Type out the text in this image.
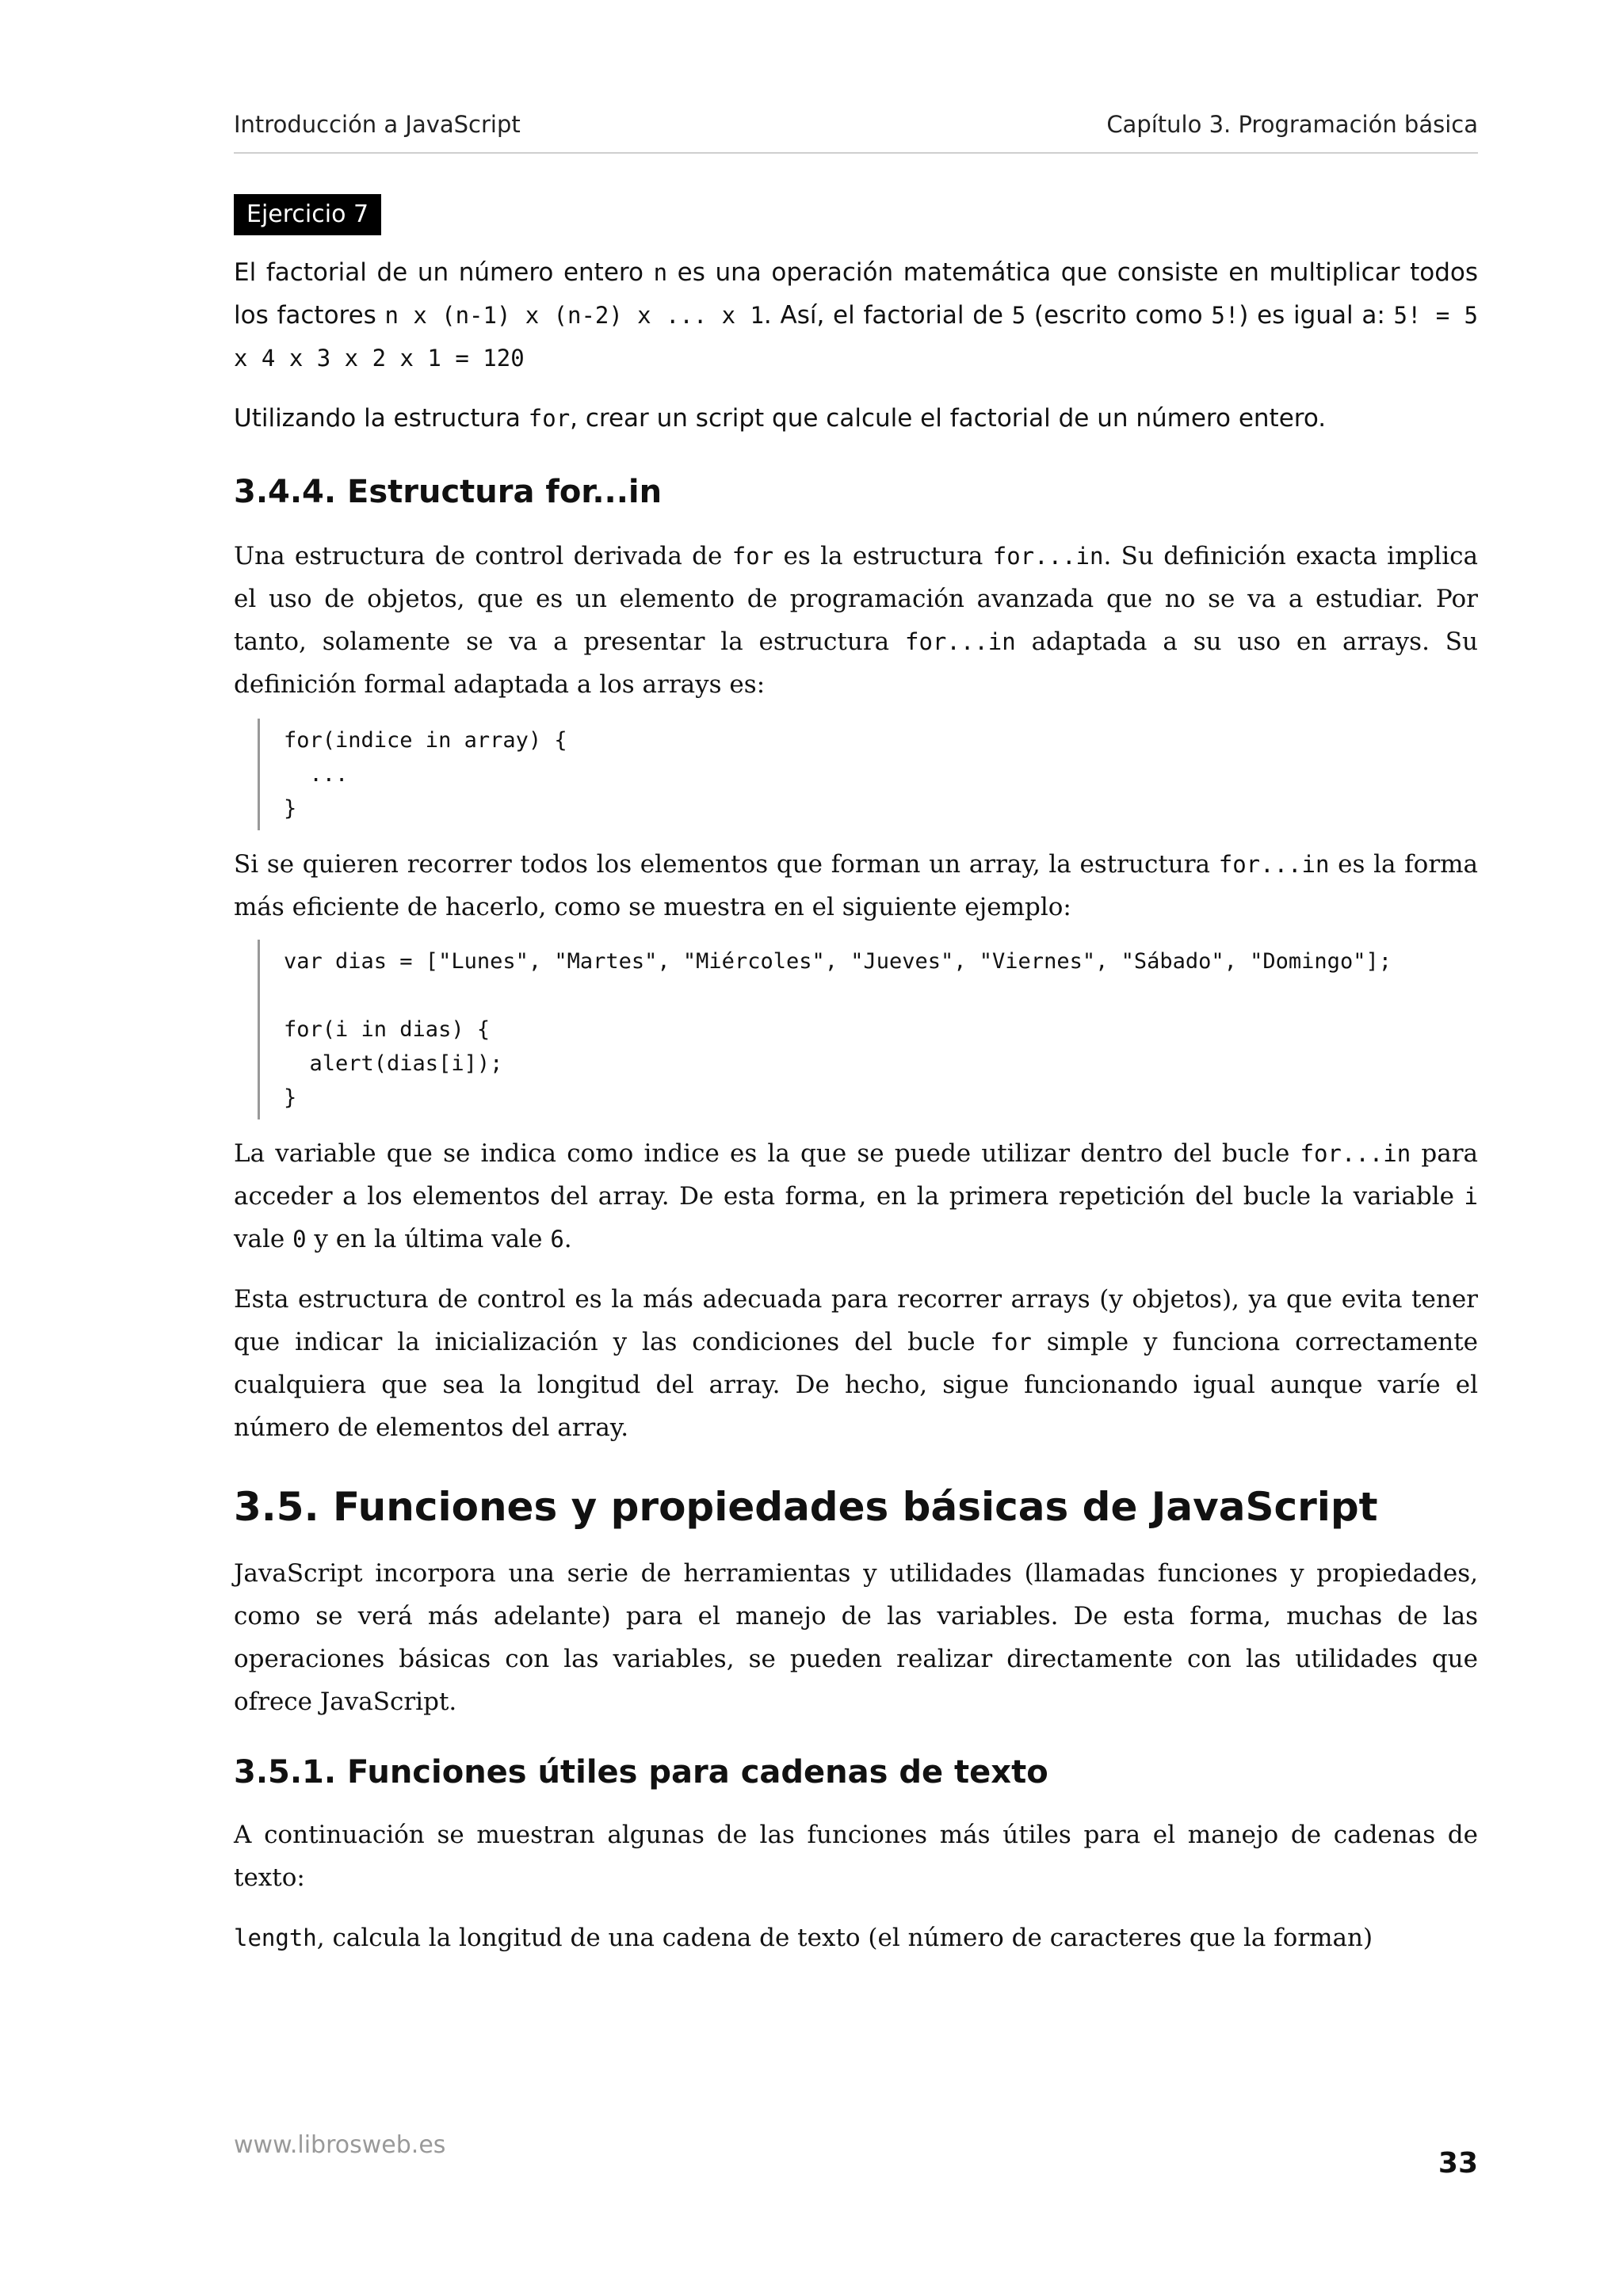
Introducción a JavaScript	Capítulo 3. Programación básica
Ejercicio 7

El factorial de un número entero n es una operación matemática que consiste en multiplicar todos los factores n x (n-1) x (n-2) x ... x 1. Así, el factorial de 5 (escrito como 5!) es igual a: 5! = 5 x 4 x 3 x 2 x 1 = 120

Utilizando la estructura for, crear un script que calcule el factorial de un número entero.

3.4.4. Estructura for...in

Una estructura de control derivada de for es la estructura for...in. Su definición exacta implica el uso de objetos, que es un elemento de programación avanzada que no se va a estudiar. Por tanto, solamente se va a presentar la estructura for...in adaptada a su uso en arrays. Su definición formal adaptada a los arrays es:

for(indice in array) {
...
}

Si se quieren recorrer todos los elementos que forman un array, la estructura for...in es la forma más eficiente de hacerlo, como se muestra en el siguiente ejemplo:

var dias = ["Lunes", "Martes", "Miércoles", "Jueves", "Viernes", "Sábado", "Domingo"];

for(i in dias) {
alert(dias[i]);
}

La variable que se indica como indice es la que se puede utilizar dentro del bucle for...in para acceder a los elementos del array. De esta forma, en la primera repetición del bucle la variable i vale 0 y en la última vale 6.

Esta estructura de control es la más adecuada para recorrer arrays (y objetos), ya que evita tener que indicar la inicialización y las condiciones del bucle for simple y funciona correctamente cualquiera que sea la longitud del array. De hecho, sigue funcionando igual aunque varíe el número de elementos del array.

3.5. Funciones y propiedades básicas de JavaScript

JavaScript incorpora una serie de herramientas y utilidades (llamadas funciones y propiedades, como se verá más adelante) para el manejo de las variables. De esta forma, muchas de las operaciones básicas con las variables, se pueden realizar directamente con las utilidades que ofrece JavaScript.

3.5.1. Funciones útiles para cadenas de texto

A continuación se muestran algunas de las funciones más útiles para el manejo de cadenas de texto:

length, calcula la longitud de una cadena de texto (el número de caracteres que la forman)

www.librosweb.es
33
